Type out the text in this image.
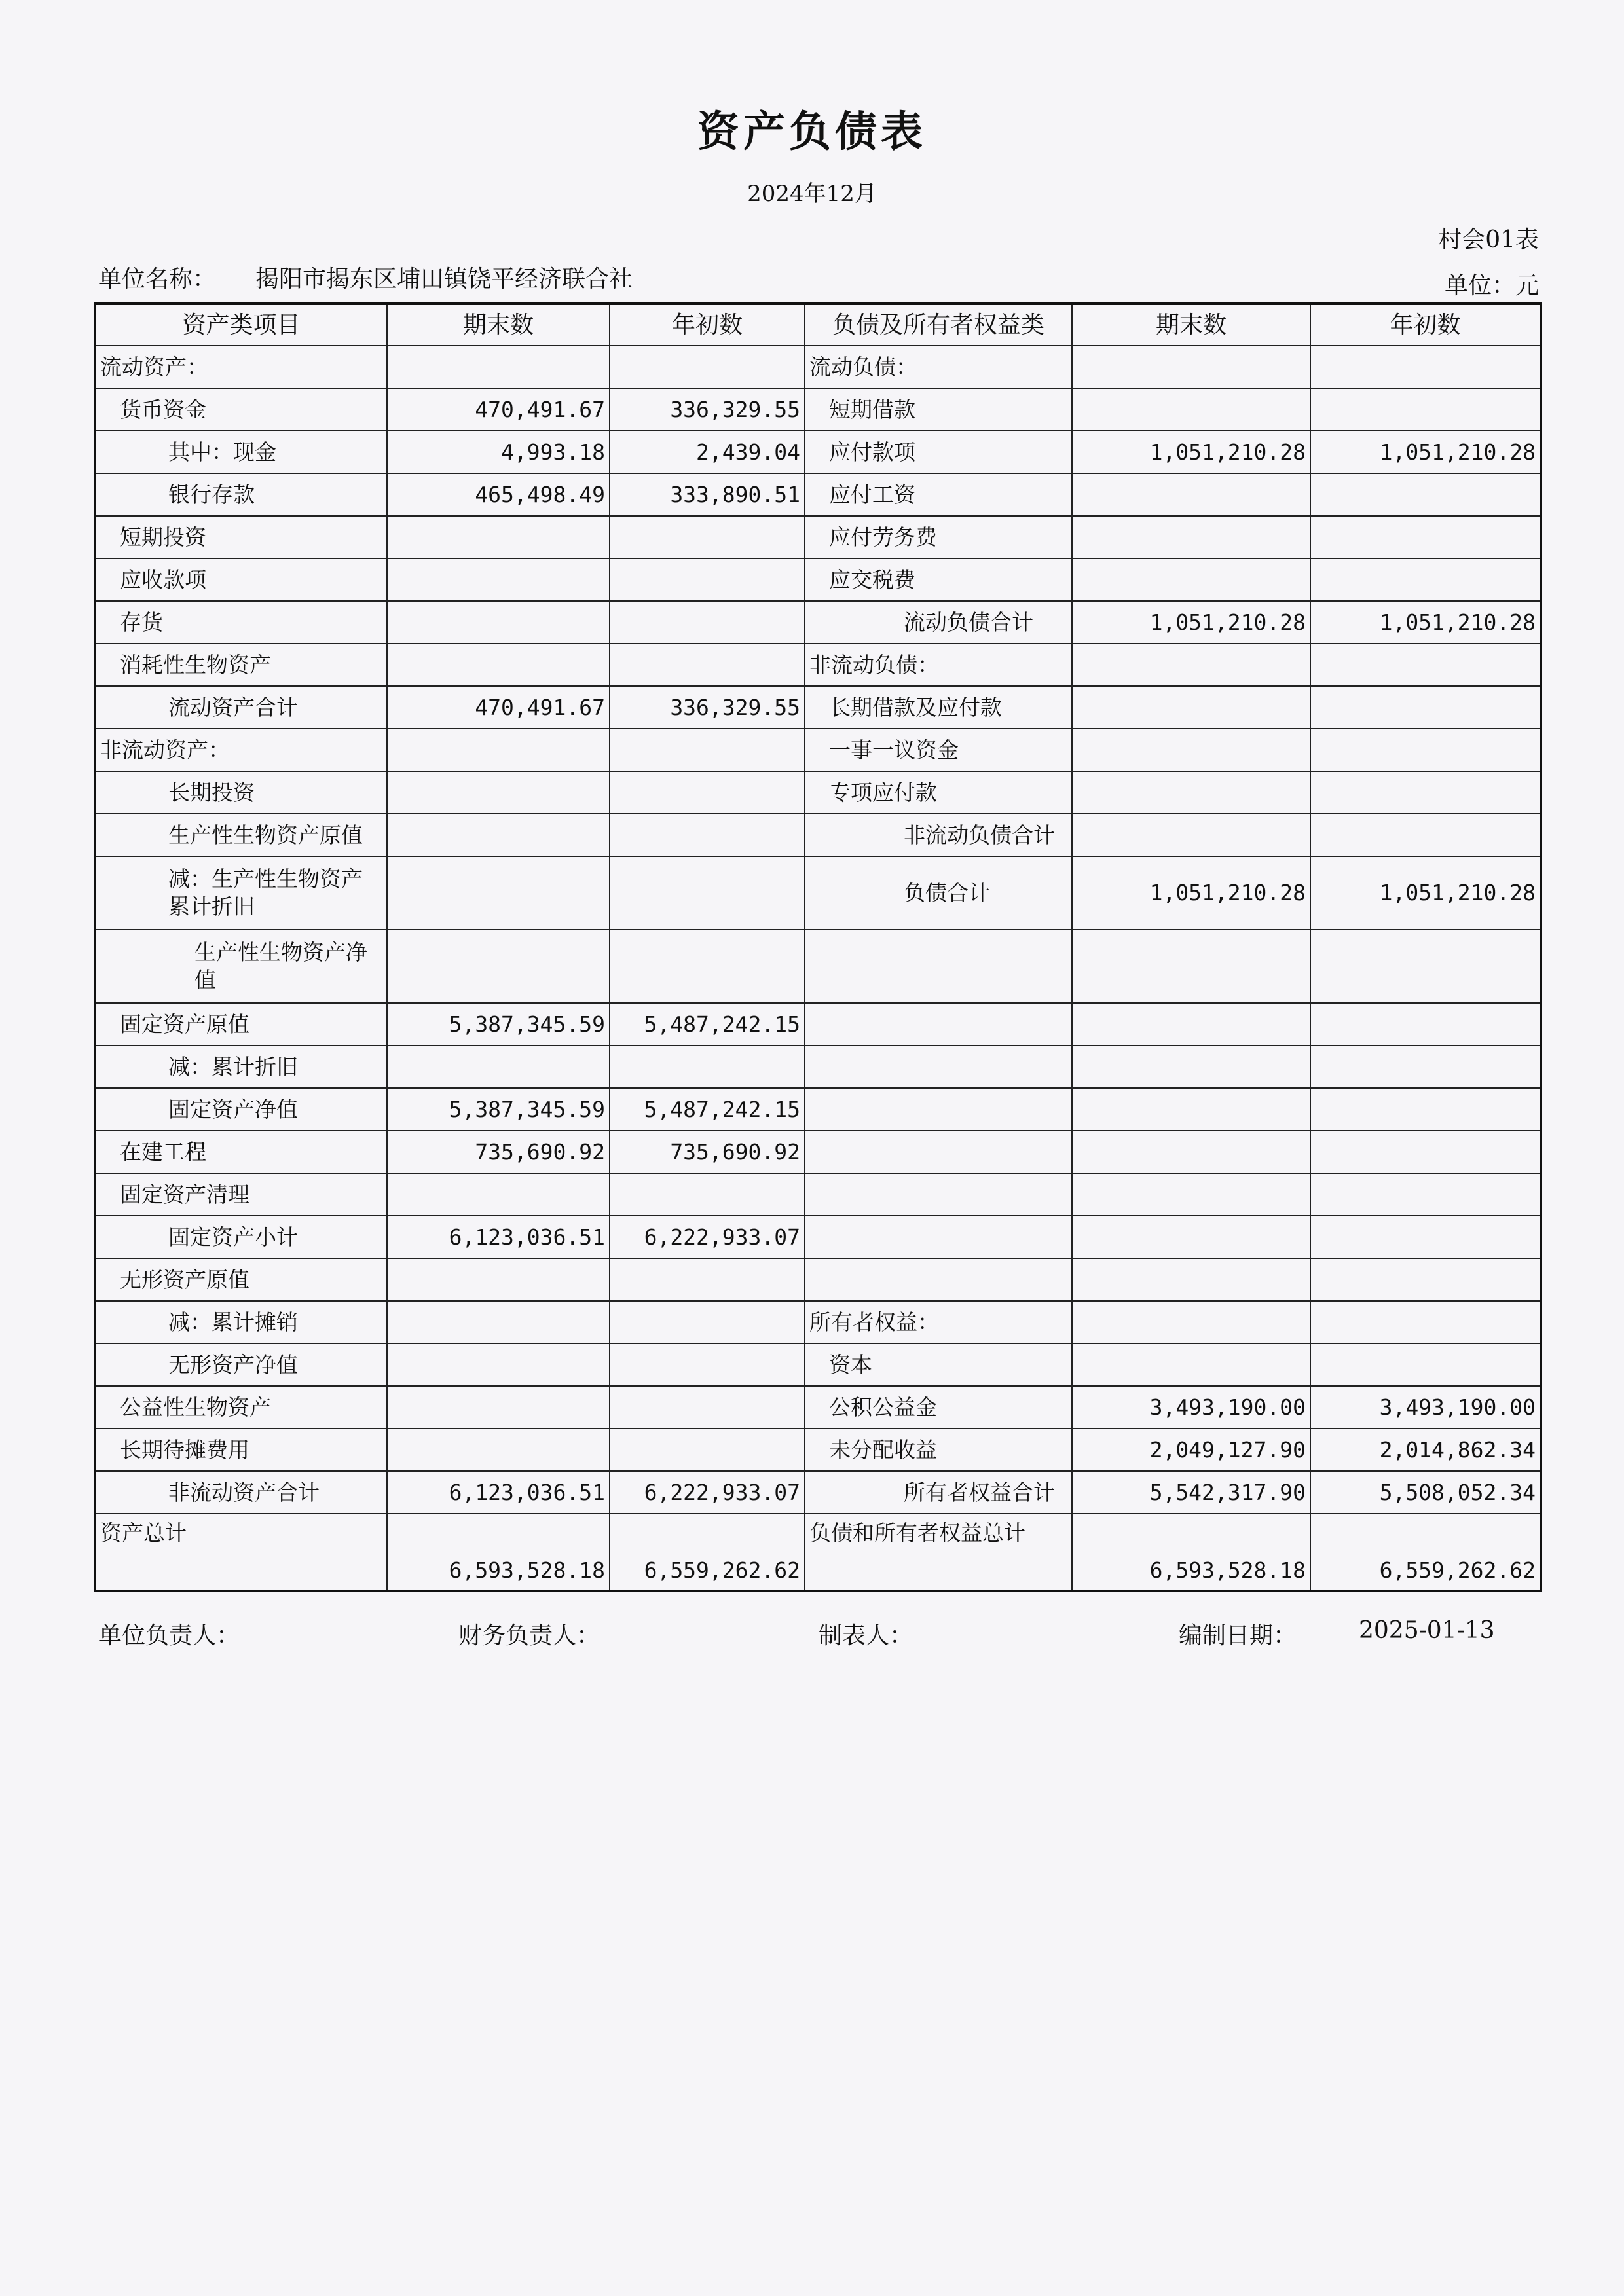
资产负债表
2024年12月
村会01表
单位名称： 揭阳市揭东区埔田镇饶平经济联合社	单位：元
资产类项目	期末数	年初数	负债及所有者权益类	期末数	年初数
流动资产：			流动负债：		
货币资金	470,491.67	336,329.55	短期借款		
其中：现金	4,993.18	2,439.04	应付款项	1,051,210.28	1,051,210.28
银行存款	465,498.49	333,890.51	应付工资		
短期投资			应付劳务费		
应收款项			应交税费		
存货			流动负债合计	1,051,210.28	1,051,210.28
消耗性生物资产			非流动负债：		
流动资产合计	470,491.67	336,329.55	长期借款及应付款		
非流动资产：			一事一议资金		
长期投资			专项应付款		
生产性生物资产原值			非流动负债合计		
减：生产性生物资产累计折旧			负债合计	1,051,210.28	1,051,210.28
生产性生物资产净值					
固定资产原值	5,387,345.59	5,487,242.15			
减：累计折旧					
固定资产净值	5,387,345.59	5,487,242.15			
在建工程	735,690.92	735,690.92			
固定资产清理					
固定资产小计	6,123,036.51	6,222,933.07			
无形资产原值					
减：累计摊销			所有者权益：		
无形资产净值			资本		
公益性生物资产			公积公益金	3,493,190.00	3,493,190.00
长期待摊费用			未分配收益	2,049,127.90	2,014,862.34
非流动资产合计	6,123,036.51	6,222,933.07	所有者权益合计	5,542,317.90	5,508,052.34
资产总计	6,593,528.18	6,559,262.62	负债和所有者权益总计	6,593,528.18	6,559,262.62
单位负责人：	财务负责人：	制表人：	编制日期：	2025-01-13
